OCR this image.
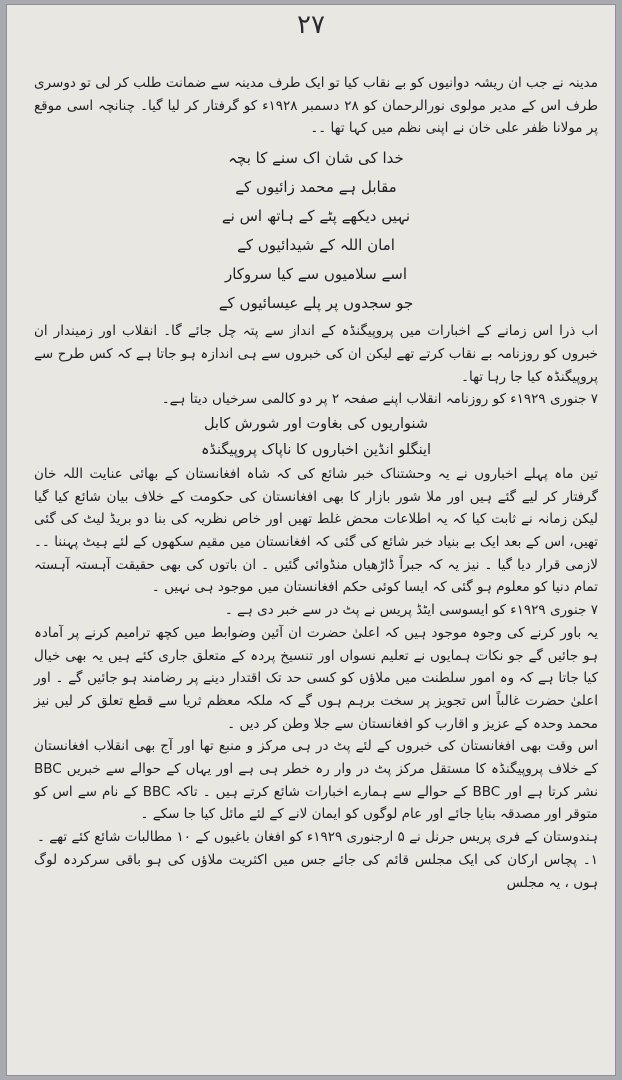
۲۷

مدینہ نے جب ان ریشہ دوانیوں کو بے نقاب کیا تو ایک طرف مدینہ سے ضمانت طلب کر لی تو دوسری طرف اس کے مدیر مولوی نورالرحمان کو ۲۸ دسمبر ۱۹۲۸ء کو گرفتار کر لیا گیا۔ چنانچہ اسی موقع پر مولانا ظفر علی خان نے اپنی نظم میں کہا تھا ۔۔

خدا کی شان اک سنے کا بچہ

مقابل ہے محمد زائیوں کے

نہیں دیکھے پٹے کے ہاتھ اس نے

امان اللہ کے شیدائیوں کے

اسے سلامیوں سے کیا سروکار

جو سجدوں پر پلے عیسائیوں کے

اب ذرا اس زمانے کے اخبارات میں پروپیگنڈہ کے انداز سے پتہ چل جائے گا۔ انقلاب اور زمیندار ان خبروں کو روزنامہ بے نقاب کرتے تھے لیکن ان کی خبروں سے ہی اندازہ ہو جاتا ہے کہ کس طرح سے پروپیگنڈہ کیا جا رہا تھا۔

۷ جنوری ۱۹۲۹ء کو روزنامہ انقلاب اپنے صفحہ ۲ پر دو کالمی سرخیاں دیتا ہے۔

شنواریوں کی بغاوت اور شورش کابل

اینگلو انڈین اخباروں کا ناپاک پروپیگنڈہ

تین ماہ پہلے اخباروں نے یہ وحشتناک خبر شائع کی کہ شاہ افغانستان کے بھائی عنایت اللہ خان گرفتار کر لیے گئے ہیں اور ملا شور بازار کا بھی افغانستان کی حکومت کے خلاف بیان شائع کیا گیا لیکن زمانہ نے ثابت کیا کہ یہ اطلاعات محض غلط تھیں اور خاص نظریہ کی بنا دو بریڈ لیٹ کی گئی تھیں، اس کے بعد ایک بے بنیاد خبر شائع کی گئی کہ افغانستان میں مقیم سکھوں کے لئے ہیٹ پہننا ۔۔ لازمی قرار دیا گیا ۔ نیز یہ کہ جبراً ڈاڑھیاں منڈوائی گئیں ۔ ان باتوں کی بھی حقیقت آہستہ آہستہ تمام دنیا کو معلوم ہو گئی کہ ایسا کوئی حکم افغانستان میں موجود ہی نہیں ۔

۷ جنوری ۱۹۲۹ء کو ایسوسی ایٹڈ پریس نے پٹ در سے خبر دی ہے ۔

یہ باور کرنے کی وجوہ موجود ہیں کہ اعلیٰ حضرت ان آئین وضوابط میں کچھ ترامیم کرنے پر آمادہ ہو جائیں گے جو نکات ہمایوں نے تعلیم نسواں اور تنسیخ پردہ کے متعلق جاری کئے ہیں یہ بھی خیال کیا جاتا ہے کہ وہ امور سلطنت میں ملاؤں کو کسی حد تک اقتدار دینے پر رضامند ہو جائیں گے ۔ اور اعلیٰ حضرت غالباً اس تجویز پر سخت برہم ہوں گے کہ ملکہ معظم ثریا سے قطع تعلق کر لیں نیز محمد وحدہ کے عزیز و اقارب کو افغانستان سے جلا وطن کر دیں ۔

اس وقت بھی افغانستان کی خبروں کے لئے پٹ در ہی مرکز و منبع تھا اور آج بھی انقلاب افغانستان کے خلاف پروپیگنڈہ کا مستقل مرکز پٹ در وار رہ خطر ہی ہے اور یہاں کے حوالے سے خبریں BBC نشر کرتا ہے اور BBC کے حوالے سے ہمارے اخبارات شائع کرتے ہیں ۔ تاکہ BBC کے نام سے اس کو متوقر اور مصدقہ بنایا جائے اور عام لوگوں کو ایمان لانے کے لئے مائل کیا جا سکے ۔

ہندوستان کے فری پریس جرنل نے ۵ ارجنوری ۱۹۲۹ء کو افغان باغیوں کے ۱۰ مطالبات شائع کئے تھے ۔

۱۔ پچاس ارکان کی ایک مجلس قائم کی جائے جس میں اکثریت ملاؤں کی ہو باقی سرکردہ لوگ ہوں ، یہ مجلس
